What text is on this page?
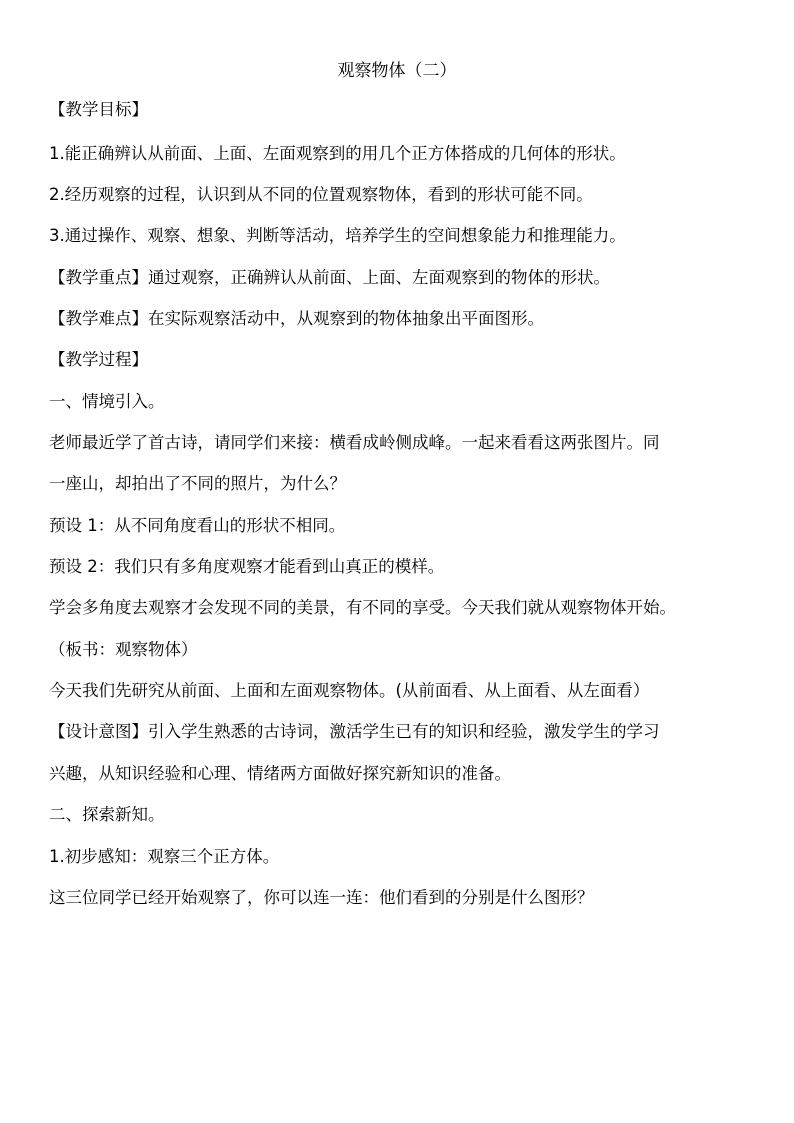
观察物体（二）
【教学目标】
1.能正确辨认从前面、上面、左面观察到的用几个正方体搭成的几何体的形状。
2.经历观察的过程，认识到从不同的位置观察物体，看到的形状可能不同。
3.通过操作、观察、想象、判断等活动，培养学生的空间想象能力和推理能力。
【教学重点】通过观察，正确辨认从前面、上面、左面观察到的物体的形状。
【教学难点】在实际观察活动中，从观察到的物体抽象出平面图形。
【教学过程】
一、情境引入。
老师最近学了首古诗，请同学们来接：横看成岭侧成峰。一起来看看这两张图片。同
一座山，却拍出了不同的照片，为什么？
预设 1：从不同角度看山的形状不相同。
预设 2：我们只有多角度观察才能看到山真正的模样。
学会多角度去观察才会发现不同的美景，有不同的享受。今天我们就从观察物体开始。
（板书：观察物体）
今天我们先研究从前面、上面和左面观察物体。(从前面看、从上面看、从左面看）
【设计意图】引入学生熟悉的古诗词，激活学生已有的知识和经验，激发学生的学习
兴趣，从知识经验和心理、情绪两方面做好探究新知识的准备。
二、探索新知。
1.初步感知：观察三个正方体。
这三位同学已经开始观察了，你可以连一连：他们看到的分别是什么图形？
